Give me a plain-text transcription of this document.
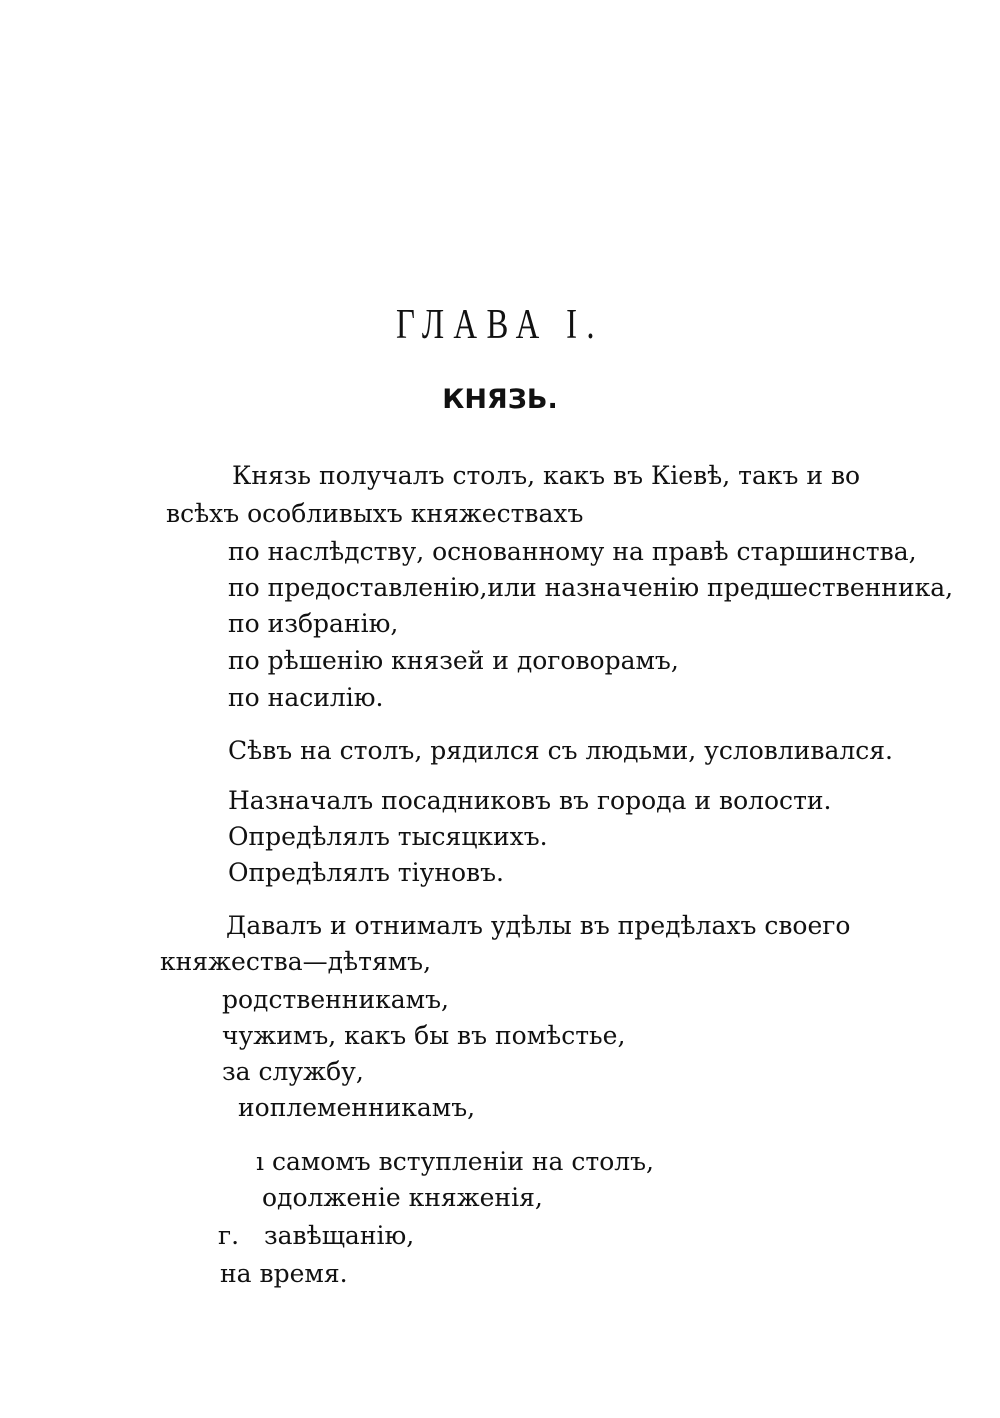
ГЛАВА I.
КНЯЗЬ.

Князь получалъ столъ, какъ въ Кіевѣ, такъ и во

всѣхъ особливыхъ княжествахъ

по наслѣдству, основанному на правѣ старшинства,

по предоставленію,или назначенію предшественника,

по избранію,

по рѣшенію князей и договорамъ,

по насилію.

Сѣвъ на столъ, рядился съ людьми, условливался.

Назначалъ посадниковъ въ города и волости.

Опредѣлялъ тысяцкихъ.

Опредѣлялъ тіуновъ.

Давалъ и отнималъ удѣлы въ предѣлахъ своего

княжества—дѣтямъ,

родственникамъ,

чужимъ, какъ бы въ помѣстье,

за службу,

иоплеменникамъ,

ı самомъ вступленіи на столъ,

одолженіе княженія,

г. завѣщанію,

на время.
